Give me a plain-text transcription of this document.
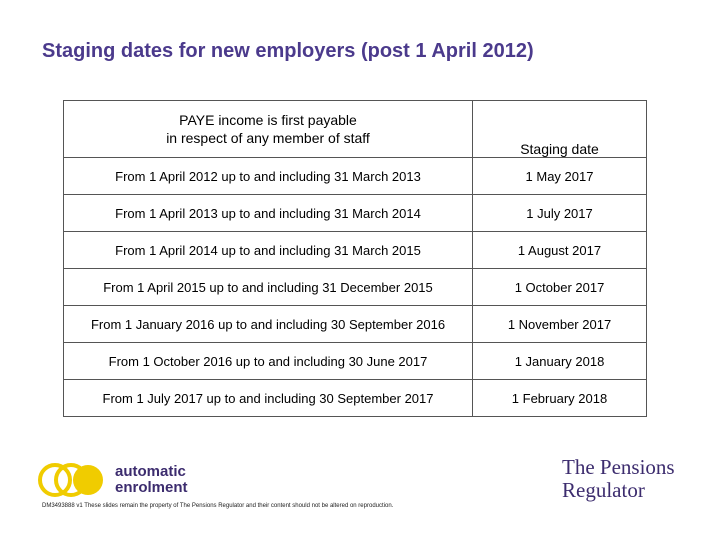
Staging dates for new employers (post 1 April 2012)
PAYE income is first payable
in respect of any member of staff	Staging date
From 1 April 2012 up to and including 31 March 2013	1 May 2017
From 1 April 2013 up to and including 31 March 2014	1 July 2017
From 1 April 2014 up to and including 31 March 2015	1 August 2017
From 1 April 2015 up to and including 31 December 2015	1 October 2017
From 1 January 2016 up to and including 30 September 2016	1 November 2017
From 1 October 2016 up to and including 30 June 2017	1 January 2018
From 1 July 2017 up to and including 30 September 2017	1 February 2018
automatic
enrolment
The Pensions
Regulator
DM3493888 v1 These slides remain the property of The Pensions Regulator and their content should not be altered on reproduction.
